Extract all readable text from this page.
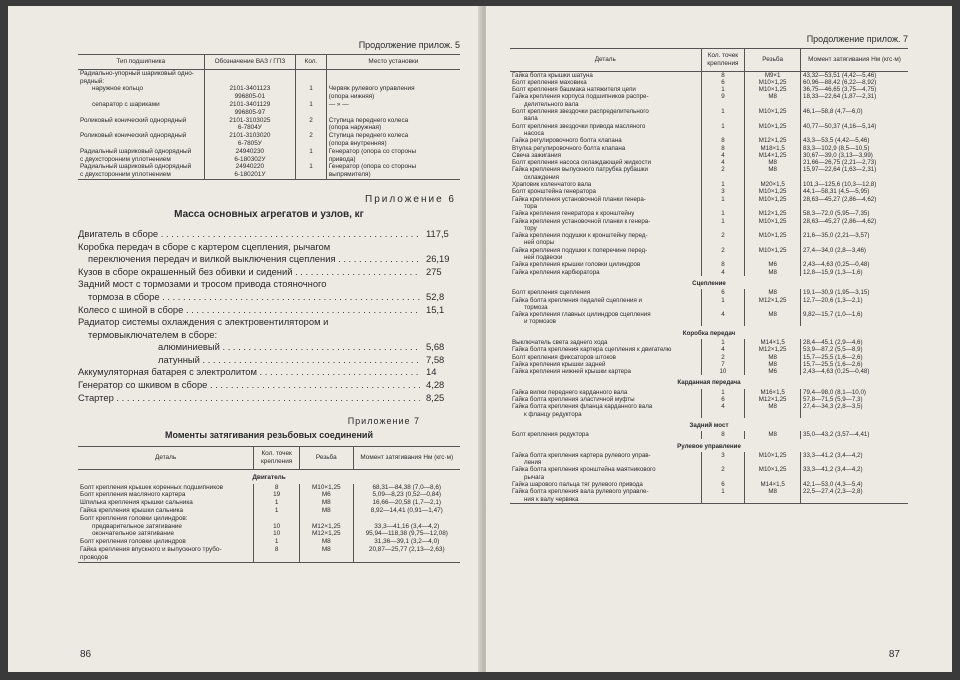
Продолжение прилож. 5
Тип подшипника	Обозначение ВАЗ / ГПЗ	Кол.	Место установки
Радиально-упорный шариковый одно-			
рядный:			
наружное кольцо	2101-3401123	1	Червяк рулевого управления
	996805-01		(опора нижняя)
сепаратор с шариками	2101-3401129	1	— » —
	996805-97		
Роликовый конический однорядный	2101-3103025	2	Ступица переднего колеса
	6-7804У		(опора наружная)
Роликовый конический однорядный	2101-3103020	2	Ступица переднего колеса
	6-7805У		(опора внутренняя)
Радиальный шариковый однорядный	24940230	1	Генератор (опора со стороны
с двухсторонним уплотнением	6-180302У		привода)
Радиальный шариковый однорядный	24940220	1	Генератор (опора со стороны
с двухсторонним уплотнением	6-180201У		выпрямителя)
Приложение 6
Масса основных агрегатов и узлов, кг
Двигатель в сборе . . .	117,5
Коробка передач в сборе с картером сцепления, рычагом
переключения передач и вилкой выключения сцепления . . .	26,19
Кузов в сборе окрашенный без обивки и сидений . . .	275
Задний мост с тормозами и тросом привода стояночного
тормоза в сборе . . .	52,8
Колесо с шиной в сборе . . .	15,1
Радиатор системы охлаждения с электровентилятором и
термовыключателем в сборе:
алюминиевый . . .	5,68
латунный . . .	7,58
Аккумуляторная батарея с электролитом . . .	14
Генератор со шкивом в сборе . . .	4,28
Стартер . . .	8,25
Приложение 7
Моменты затягивания резьбовых соединений
Деталь	Кол. точек крепления	Резьба	Момент затягивания Нм (кгс·м)
Двигатель			
Болт крепления крышек коренных подшипников	8	М10×1,25	68,31—84,38 (7,0—8,6)
Болт крепления масляного картера	19	М6	5,09—8,23 (0,52—0,84)
Шпилька крепления крышки сальника	1	М8	16,66—20,58 (1,7—2,1)
Гайка крепления крышки сальника	1	М8	8,92—14,41 (0,91—1,47)
Болт крепления головки цилиндров:			
предварительное затягивание	10	М12×1,25	33,3—41,16 (3,4—4,2)
окончательное затягивание	10	М12×1,25	95,94—118,38 (9,75—12,08)
Болт крепления головки цилиндров	1	М8	31,36—39,1 (3,2—4,0)
Гайка крепления впускного и выпускного трубо-	8	М8	20,87—25,77 (2,13—2,63)
проводов			
86
Продолжение прилож. 7
Деталь	Кол. точек крепления	Резьба	Момент затягивания Нм (кгс·м)
Гайка болта крышки шатуна	8	М9×1	43,32—53,51 (4,42—5,46)
Болт крепления маховика	6	М10×1,25	60,96—88,42 (6,22—8,92)
Болт крепления башмака натяжителя цепи	1	М10×1,25	36,75—46,65 (3,75—4,75)
Гайка крепления корпуса подшипников распре-	9	М8	18,33—22,64 (1,87—2,31)
делительного вала			
Болт крепления звездочки распределительного	1	М10×1,25	46,1—58,8 (4,7—6,0)
вала			
Болт крепления звездочки привода масляного	1	М10×1,25	40,77—50,37 (4,16—5,14)
насоса			
Гайка регулировочного болта клапана	8	М12×1,25	43,3—53,5 (4,42—5,46)
Втулка регулировочного болта клапана	8	М18×1,5	83,3—102,9 (8,5—10,5)
Свеча зажигания	4	М14×1,25	30,67—39,0 (3,13—3,99)
Болт крепления насоса охлаждающей жидкости	4	М8	21,66—26,75 (2,21—2,73)
Гайка крепления выпускного патрубка рубашки	2	М8	15,97—22,64 (1,63—2,31)
охлаждения			
Храповик коленчатого вала	1	М20×1,5	101,3—125,6 (10,3—12,8)
Болт кронштейна генератора	3	М10×1,25	44,1—58,31 (4,5—5,95)
Гайка крепления установочной планки генера-	1	М10×1,25	28,63—45,27 (2,86—4,62)
тора			
Гайка крепления генератора к кронштейну	1	М12×1,25	58,3—72,0 (5,95—7,35)
Гайка крепления установочной планки к генера-	1	М10×1,25	28,63—45,27 (2,86—4,62)
тору			
Гайка крепления подушки к кронштейну перед-	2	М10×1,25	21,6—35,0 (2,21—3,57)
ней опоры			
Гайка крепления подушки к поперечине перед-	2	М10×1,25	27,4—34,0 (2,8—3,46)
ней подвески			
Гайка крепления крышки головки цилиндров	8	М6	2,43—4,63 (0,25—0,48)
Гайка крепления карбюратора	4	М8	12,8—15,9 (1,3—1,6)
Сцепление			
Болт крепления сцепления	6	М8	19,1—30,9 (1,95—3,15)
Гайка болта крепления педалей сцепления и	1	М12×1,25	12,7—20,6 (1,3—2,1)
тормоза			
Гайка крепления главных цилиндров сцепления	4	М8	9,82—15,7 (1,0—1,6)
и тормозов			
Коробка передач			
Выключатель света заднего хода	1	М14×1,5	28,4—45,1 (2,9—4,6)
Гайка болта крепления картера сцепления к двигателю	4	М12×1,25	53,9—87,2 (5,5—8,9)
Болт крепления фиксаторов штоков	2	М8	15,7—25,5 (1,6—2,6)
Гайка крепления крышки задней	7	М8	15,7—25,5 (1,6—2,6)
Гайка крепления нижней крышки картера	10	М6	2,43—4,63 (0,25—0,48)
Карданная передача			
Гайка вилки переднего карданного вала	1	М16×1,5	79,4—98,0 (8,1—10,0)
Гайка болта крепления эластичной муфты	6	М12×1,25	57,8—71,5 (5,9—7,3)
Гайка болта крепления фланца карданного вала	4	М8	27,4—34,3 (2,8—3,5)
к фланцу редуктора			
Задний мост			
Болт крепления редуктора	8	М8	35,0—43,2 (3,57—4,41)
Рулевое управление			
Гайка болта крепления картера рулевого управ-	3	М10×1,25	33,3—41,2 (3,4—4,2)
ления			
Гайка болта крепления кронштейна маятникового	2	М10×1,25	33,3—41,2 (3,4—4,2)
рычага			
Гайка шарового пальца тяг рулевого привода	6	М14×1,5	42,1—53,0 (4,3—5,4)
Гайка болта крепления вала рулевого управле-	1	М8	22,5—27,4 (2,3—2,8)
ния к валу червяка			
87
